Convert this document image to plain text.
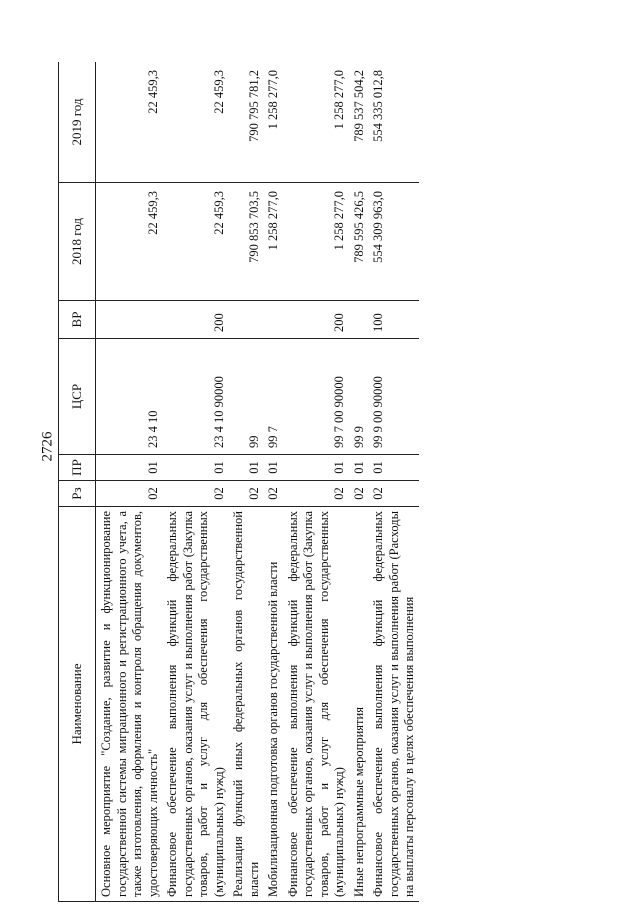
2726
Наименование	Рз	ПР	ЦСР	ВР	2018 год	2019 год
Основное мероприятие "Создание, развитие и функционирование государственной системы миграционного и регистрационного учета, а также изготовления, оформления и контроля обращения документов, удостоверяющих личность"	02	01	23 4 10		22 459,3	22 459,3
Финансовое обеспечение выполнения функций федеральных государственных органов, оказания услуг и выполнения работ (Закупка товаров, работ и услуг для обеспечения государственных (муниципальных) нужд)	02	01	23 4 10 90000	200	22 459,3	22 459,3
Реализация функций иных федеральных органов государственной власти	02	01	99		790 853 703,5	790 795 781,2
Мобилизационная подготовка органов государственной власти	02	01	99 7		1 258 277,0	1 258 277,0
Финансовое обеспечение выполнения функций федеральных государственных органов, оказания услуг и выполнения работ (Закупка товаров, работ и услуг для обеспечения государственных (муниципальных) нужд)	02	01	99 7 00 90000	200	1 258 277,0	1 258 277,0
Иные непрограммные мероприятия	02	01	99 9		789 595 426,5	789 537 504,2
Финансовое обеспечение выполнения функций федеральных государственных органов, оказания услуг и выполнения работ (Расходы на выплаты персоналу в целях обеспечения выполнения	02	01	99 9 00 90000	100	554 309 963,0	554 335 012,8
